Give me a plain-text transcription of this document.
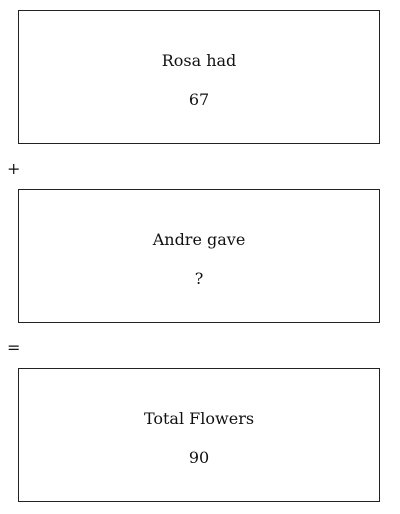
Rosa had
67
+
Andre gave
?
=
Total Flowers
90
